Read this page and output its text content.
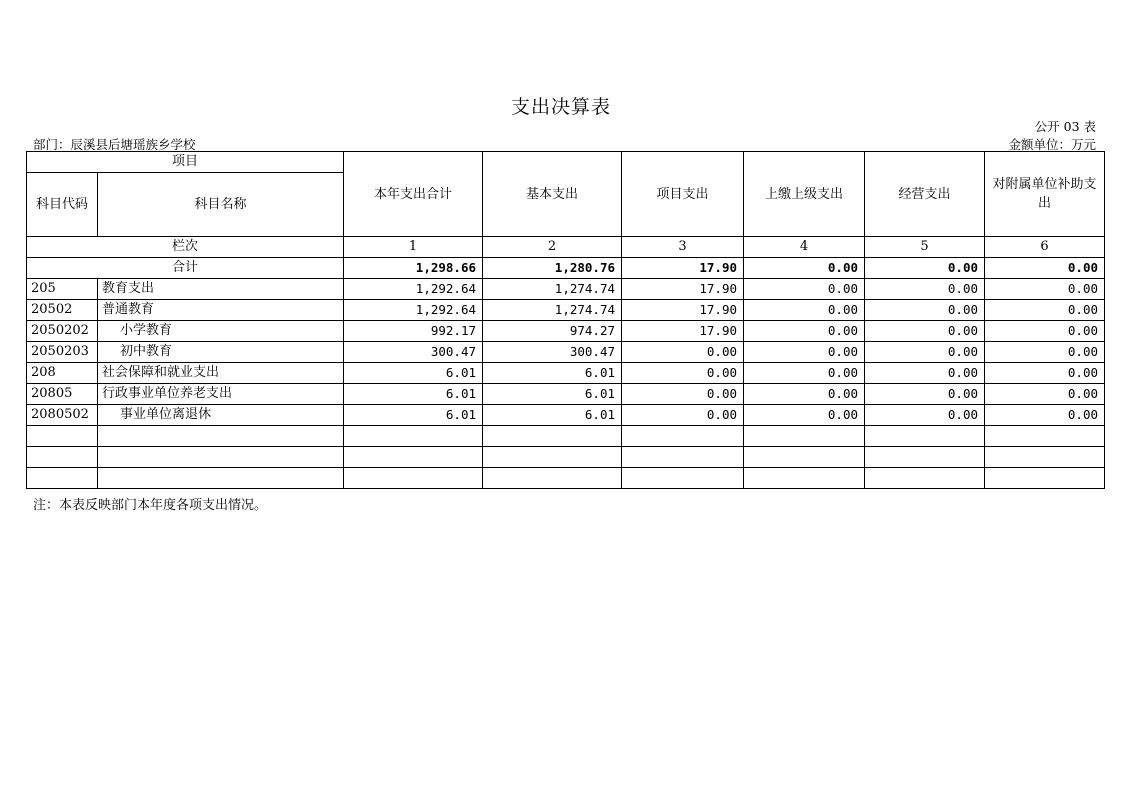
支出决算表
公开 03 表
部门：辰溪县后塘瑶族乡学校	金额单位：万元
项目		本年支出合计	基本支出	项目支出	上缴上级支出	经营支出	对附属单位补助支出
科目代码	科目名称						
栏次		1	2	3	4	5	6
合计		1,298.66	1,280.76	17.90	0.00	0.00	0.00
205	教育支出	1,292.64	1,274.74	17.90	0.00	0.00	0.00
20502	普通教育	1,292.64	1,274.74	17.90	0.00	0.00	0.00
2050202	小学教育	992.17	974.27	17.90	0.00	0.00	0.00
2050203	初中教育	300.47	300.47	0.00	0.00	0.00	0.00
208	社会保障和就业支出	6.01	6.01	0.00	0.00	0.00	0.00
20805	行政事业单位养老支出	6.01	6.01	0.00	0.00	0.00	0.00
2080502	事业单位离退休	6.01	6.01	0.00	0.00	0.00	0.00

注：本表反映部门本年度各项支出情况。
